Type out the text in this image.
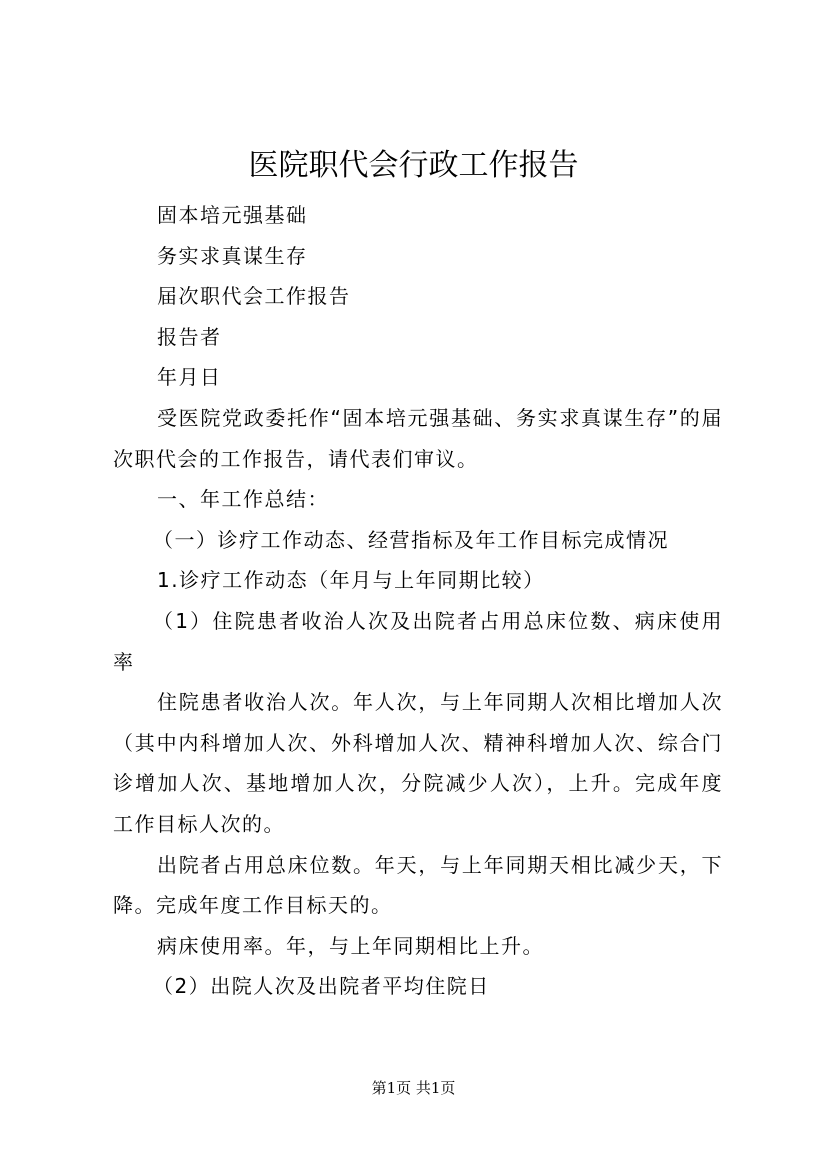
医院职代会行政工作报告

固本培元强基础

务实求真谋生存

届次职代会工作报告

报告者

年月日

受医院党政委托作“固本培元强基础、务实求真谋生存”的届次职代会的工作报告，请代表们审议。

一、年工作总结：

（一）诊疗工作动态、经营指标及年工作目标完成情况

1.诊疗工作动态（年月与上年同期比较）

（1）住院患者收治人次及出院者占用总床位数、病床使用率

住院患者收治人次。年人次，与上年同期人次相比增加人次（其中内科增加人次、外科增加人次、精神科增加人次、综合门诊增加人次、基地增加人次，分院减少人次），上升。完成年度工作目标人次的。

出院者占用总床位数。年天，与上年同期天相比减少天，下降。完成年度工作目标天的。

病床使用率。年，与上年同期相比上升。

（2）出院人次及出院者平均住院日

第1页 共1页
